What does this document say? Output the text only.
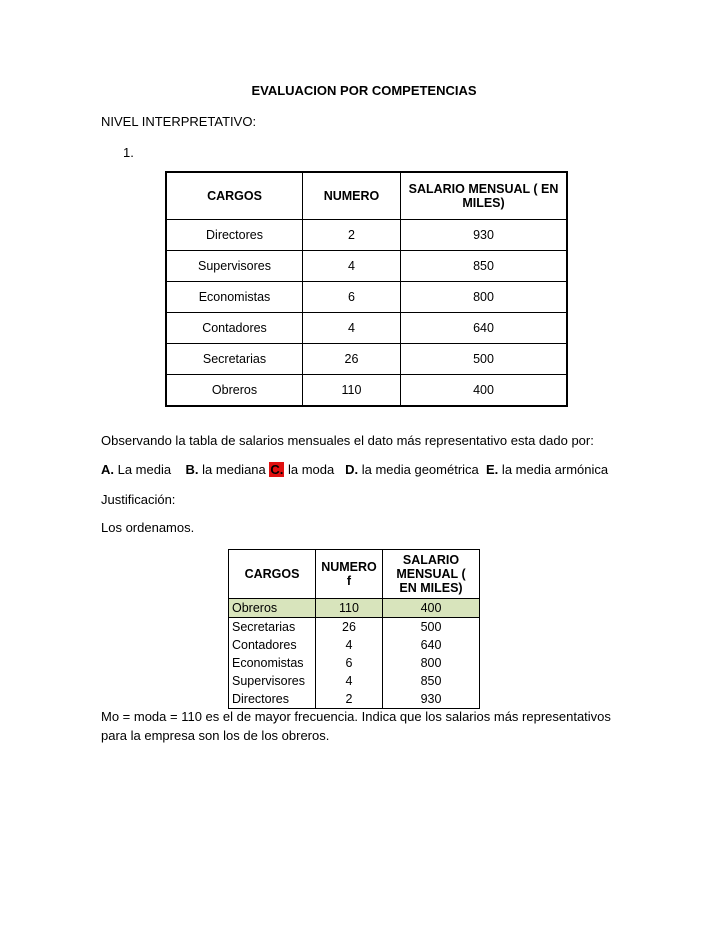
EVALUACION POR COMPETENCIAS
NIVEL INTERPRETATIVO:
1.
CARGOS	NUMERO	SALARIO MENSUAL ( EN MILES)
Directores	2	930
Supervisores	4	850
Economistas	6	800
Contadores	4	640
Secretarias	26	500
Obreros	110	400
Observando la tabla de salarios mensuales el dato más representativo esta dado por:
A. La media B. la mediana C. la moda D. la media geométrica E. la media armónica
Justificación:
Los ordenamos.
CARGOS	NUMERO f	SALARIO MENSUAL ( EN MILES)
Obreros	110	400
Secretarias	26	500
Contadores	4	640
Economistas	6	800
Supervisores	4	850
Directores	2	930
Mo = moda = 110 es el de mayor frecuencia. Indica que los salarios más representativos
para la empresa son los de los obreros.
